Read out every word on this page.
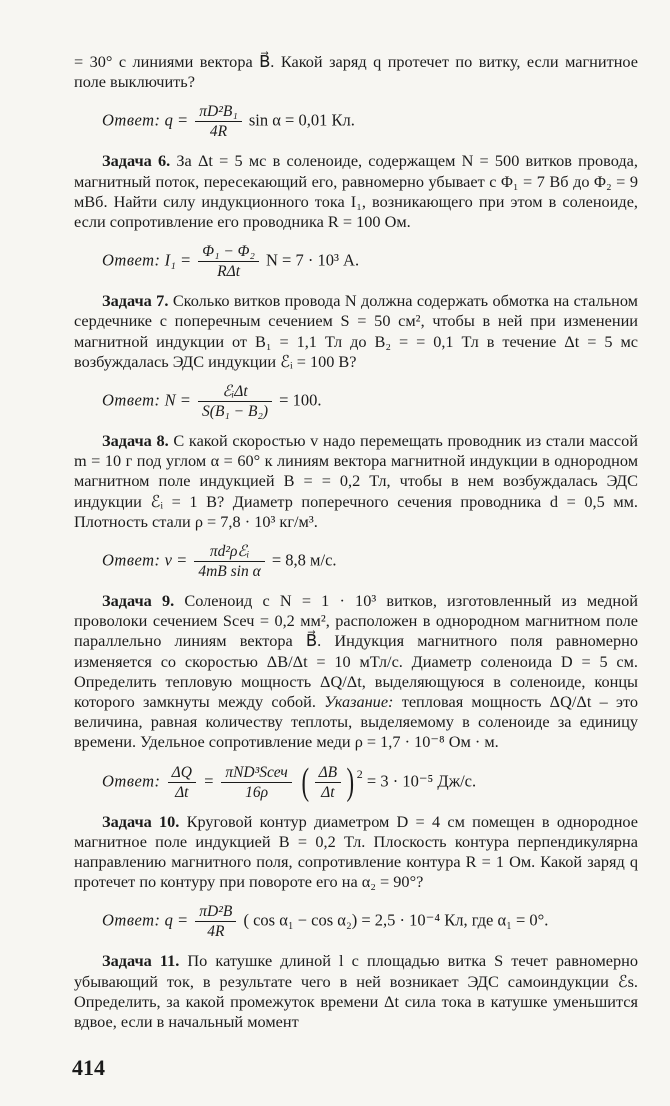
= 30° с линиями вектора B⃗. Какой заряд q протечет по витку, если магнитное поле выключить?

Ответ: $q = \frac{\text{πD²B₁}}{4R}$ sin α = 0,01 Кл.

Задача 6. За Δt = 5 мс в соленоиде, содержащем N = 500 витков провода, магнитный поток, пересекающий его, равномерно убывает с Φ₁ = 7 Вб до Φ₂ = 9 мВб. Найти силу индукционного тока I₁, возникающего при этом в соленоиде, если сопротивление его проводника R = 100 Ом.

Ответ: $I_1 = \frac{\text{Φ₁ − Φ₂}}{\text{RΔt}}$ N = 7 · 10³ А.

Задача 7. Сколько витков провода N должна содержать обмотка на стальном сердечнике с поперечным сечением S = 50 см², чтобы в ней при изменении магнитной индукции от B₁ = 1,1 Тл до B₂ = = 0,1 Тл в течение Δt = 5 мс возбуждалась ЭДС индукции ℰᵢ = 100 В?

Ответ: $N = \frac{\text{ℰᵢΔt}}{\text{S(B₁ − B₂)}} = 100$.

Задача 8. С какой скоростью v надо перемещать проводник из стали массой m = 10 г под углом α = 60° к линиям вектора магнитной индукции в однородном магнитном поле индукцией B = = 0,2 Тл, чтобы в нем возбуждалась ЭДС индукции ℰᵢ = 1 В? Диаметр поперечного сечения проводника d = 0,5 мм. Плотность стали ρ = 7,8 · 10³ кг/м³.

Ответ: $v = \frac{\text{πd²ρℰᵢ}}{\text{4mB sin α}} = 8,8$ м/с.

Задача 9. Соленоид с N = 1 · 10³ витков, изготовленный из медной проволоки сечением Sсеч = 0,2 мм², расположен в однородном магнитном поле параллельно линиям вектора B⃗. Индукция магнитного поля равномерно изменяется со скоростью ΔB/Δt = 10 мТл/с. Диаметр соленоида D = 5 см. Определить тепловую мощность ΔQ/Δt, выделяющуюся в соленоиде, концы которого замкнуты между собой. Указание: тепловая мощность ΔQ/Δt – это величина, равная количеству теплоты, выделяемому в соленоиде за единицу времени. Удельное сопротивление меди ρ = 1,7 · 10⁻⁸ Ом · м.

Ответ: $\frac{\Delta Q}{\Delta t} = \frac{\text{πND³Sсеч}}{16\rho}$ ( $\frac{\Delta B}{\Delta t}$ ) $^2$ = 3 · 10⁻⁵ Дж/с.

Задача 10. Круговой контур диаметром D = 4 см помещен в однородное магнитное поле индукцией B = 0,2 Тл. Плоскость контура перпендикулярна направлению магнитного поля, сопротивление контура R = 1 Ом. Какой заряд q протечет по контуру при повороте его на α₂ = 90°?

Ответ: $q = \frac{\text{πD²B}}{4R}$ ( cos α₁ − cos α₂) = 2,5 · 10⁻⁴ Кл, где α₁ = 0°.

Задача 11. По катушке длиной l с площадью витка S течет равномерно убывающий ток, в результате чего в ней возникает ЭДС самоиндукции ℰs. Определить, за какой промежуток времени Δt сила тока в катушке уменьшится вдвое, если в начальный момент

414
